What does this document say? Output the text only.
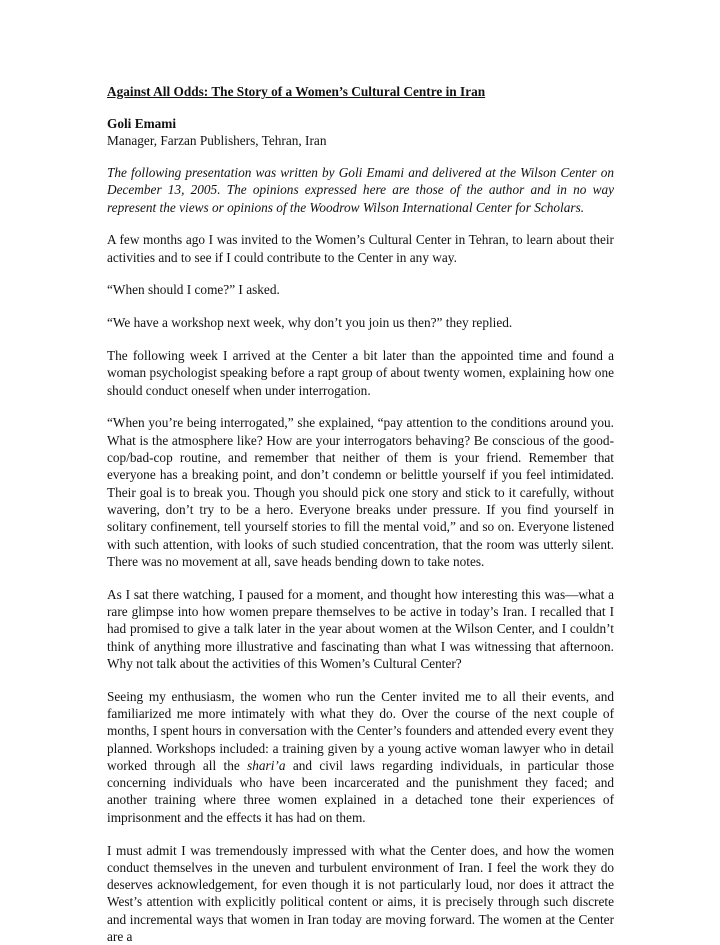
Against All Odds: The Story of a Women’s Cultural Centre in Iran
Goli Emami
Manager, Farzan Publishers, Tehran, Iran

The following presentation was written by Goli Emami and delivered at the Wilson Center on December 13, 2005. The opinions expressed here are those of the author and in no way represent the views or opinions of the Woodrow Wilson International Center for Scholars.

A few months ago I was invited to the Women’s Cultural Center in Tehran, to learn about their activities and to see if I could contribute to the Center in any way.

“When should I come?” I asked.

“We have a workshop next week, why don’t you join us then?” they replied.

The following week I arrived at the Center a bit later than the appointed time and found a woman psychologist speaking before a rapt group of about twenty women, explaining how one should conduct oneself when under interrogation.

“When you’re being interrogated,” she explained, “pay attention to the conditions around you. What is the atmosphere like? How are your interrogators behaving? Be conscious of the good-cop/bad-cop routine, and remember that neither of them is your friend. Remember that everyone has a breaking point, and don’t condemn or belittle yourself if you feel intimidated. Their goal is to break you. Though you should pick one story and stick to it carefully, without wavering, don’t try to be a hero. Everyone breaks under pressure. If you find yourself in solitary confinement, tell yourself stories to fill the mental void,” and so on. Everyone listened with such attention, with looks of such studied concentration, that the room was utterly silent. There was no movement at all, save heads bending down to take notes.

As I sat there watching, I paused for a moment, and thought how interesting this was—what a rare glimpse into how women prepare themselves to be active in today’s Iran. I recalled that I had promised to give a talk later in the year about women at the Wilson Center, and I couldn’t think of anything more illustrative and fascinating than what I was witnessing that afternoon. Why not talk about the activities of this Women’s Cultural Center?

Seeing my enthusiasm, the women who run the Center invited me to all their events, and familiarized me more intimately with what they do. Over the course of the next couple of months, I spent hours in conversation with the Center’s founders and attended every event they planned. Workshops included: a training given by a young active woman lawyer who in detail worked through all the shari’a and civil laws regarding individuals, in particular those concerning individuals who have been incarcerated and the punishment they faced; and another training where three women explained in a detached tone their experiences of imprisonment and the effects it has had on them.

I must admit I was tremendously impressed with what the Center does, and how the women conduct themselves in the uneven and turbulent environment of Iran. I feel the work they do deserves acknowledgement, for even though it is not particularly loud, nor does it attract the West’s attention with explicitly political content or aims, it is precisely through such discrete and incremental ways that women in Iran today are moving forward. The women at the Center are a
